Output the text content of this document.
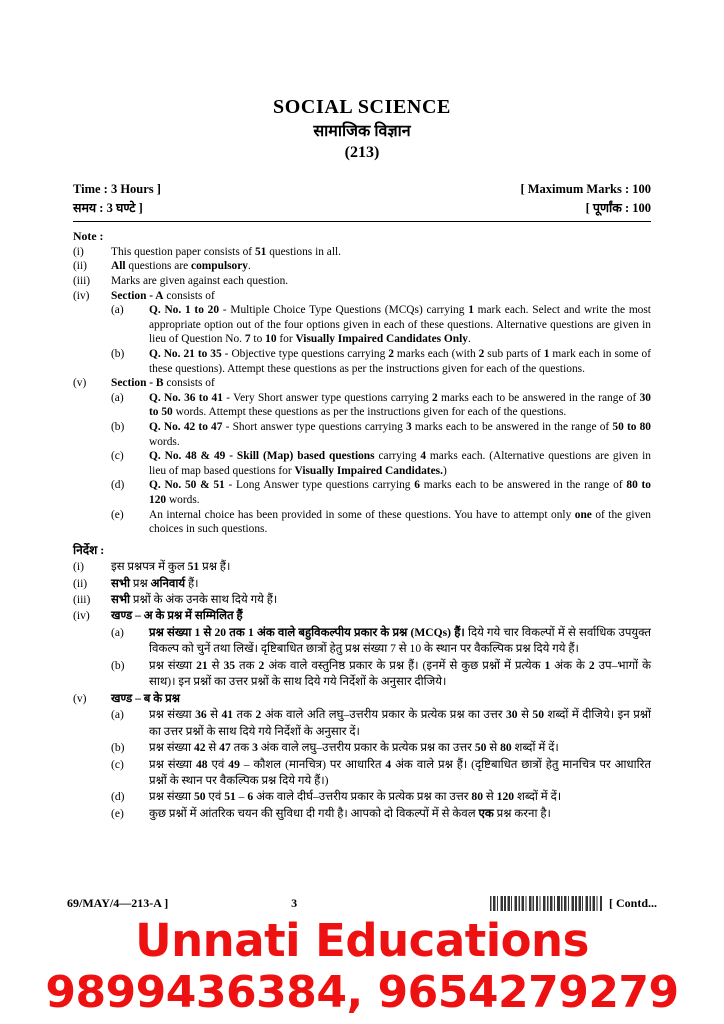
SOCIAL SCIENCE
सामाजिक विज्ञान
(213)
Time : 3 Hours ]	[ Maximum Marks : 100
समय : 3 घण्टे ]	[ पूर्णांक : 100
Note :
(i)	This question paper consists of 51 questions in all.
(ii)	All questions are compulsory.
(iii)	Marks are given against each question.
(iv)	Section - A consists of
(a)	Q. No. 1 to 20 - Multiple Choice Type Questions (MCQs) carrying 1 mark each. Select and write the most appropriate option out of the four options given in each of these questions. Alternative questions are given in lieu of Question No. 7 to 10 for Visually Impaired Candidates Only.
(b)	Q. No. 21 to 35 - Objective type questions carrying 2 marks each (with 2 sub parts of 1 mark each in some of these questions). Attempt these questions as per the instructions given for each of the questions.
(v)	Section - B consists of
(a)	Q. No. 36 to 41 - Very Short answer type questions carrying 2 marks each to be answered in the range of 30 to 50 words. Attempt these questions as per the instructions given for each of the questions.
(b)	Q. No. 42 to 47 - Short answer type questions carrying 3 marks each to be answered in the range of 50 to 80 words.
(c)	Q. No. 48 & 49 - Skill (Map) based questions carrying 4 marks each. (Alternative questions are given in lieu of map based questions for Visually Impaired Candidates.)
(d)	Q. No. 50 & 51 - Long Answer type questions carrying 6 marks each to be answered in the range of 80 to 120 words.
(e)	An internal choice has been provided in some of these questions. You have to attempt only one of the given choices in such questions.
निर्देश :
(i)	इस प्रश्नपत्र में कुल 51 प्रश्न हैं।
(ii)	सभी प्रश्न अनिवार्य हैं।
(iii)	सभी प्रश्नों के अंक उनके साथ दिये गये हैं।
(iv)	खण्ड – अ के प्रश्न में सम्मिलित हैं
(a)	प्रश्न संख्या 1 से 20 तक 1 अंक वाले बहुविकल्पीय प्रकार के प्रश्न (MCQs) हैं। दिये गये चार विकल्पों में से सर्वाधिक उपयुक्त विकल्प को चुनें तथा लिखें। दृष्टिबाधित छात्रों हेतु प्रश्न संख्या 7 से 10 के स्थान पर वैकल्पिक प्रश्न दिये गये हैं।
(b)	प्रश्न संख्या 21 से 35 तक 2 अंक वाले वस्तुनिष्ठ प्रकार के प्रश्न हैं। (इनमें से कुछ प्रश्नों में प्रत्येक 1 अंक के 2 उप–भागों के साथ)। इन प्रश्नों का उत्तर प्रश्नों के साथ दिये गये निर्देशों के अनुसार दीजिये।
(v)	खण्ड – ब के प्रश्न
(a)	प्रश्न संख्या 36 से 41 तक 2 अंक वाले अति लघु–उत्तरीय प्रकार के प्रत्येक प्रश्न का उत्तर 30 से 50 शब्दों में दीजिये। इन प्रश्नों का उत्तर प्रश्नों के साथ दिये गये निर्देशों के अनुसार दें।
(b)	प्रश्न संख्या 42 से 47 तक 3 अंक वाले लघु–उत्तरीय प्रकार के प्रत्येक प्रश्न का उत्तर 50 से 80 शब्दों में दें।
(c)	प्रश्न संख्या 48 एवं 49 – कौशल (मानचित्र) पर आधारित 4 अंक वाले प्रश्न हैं। (दृष्टिबाधित छात्रों हेतु मानचित्र पर आधारित प्रश्नों के स्थान पर वैकल्पिक प्रश्न दिये गये हैं।)
(d)	प्रश्न संख्या 50 एवं 51 – 6 अंक वाले दीर्घ–उत्तरीय प्रकार के प्रत्येक प्रश्न का उत्तर 80 से 120 शब्दों में दें।
(e)	कुछ प्रश्नों में आंतरिक चयन की सुविधा दी गयी है। आपको दो विकल्पों में से केवल एक प्रश्न करना है।
69/MAY/4—213-A ]	3	[ Contd...
Unnati Educations
9899436384, 9654279279
